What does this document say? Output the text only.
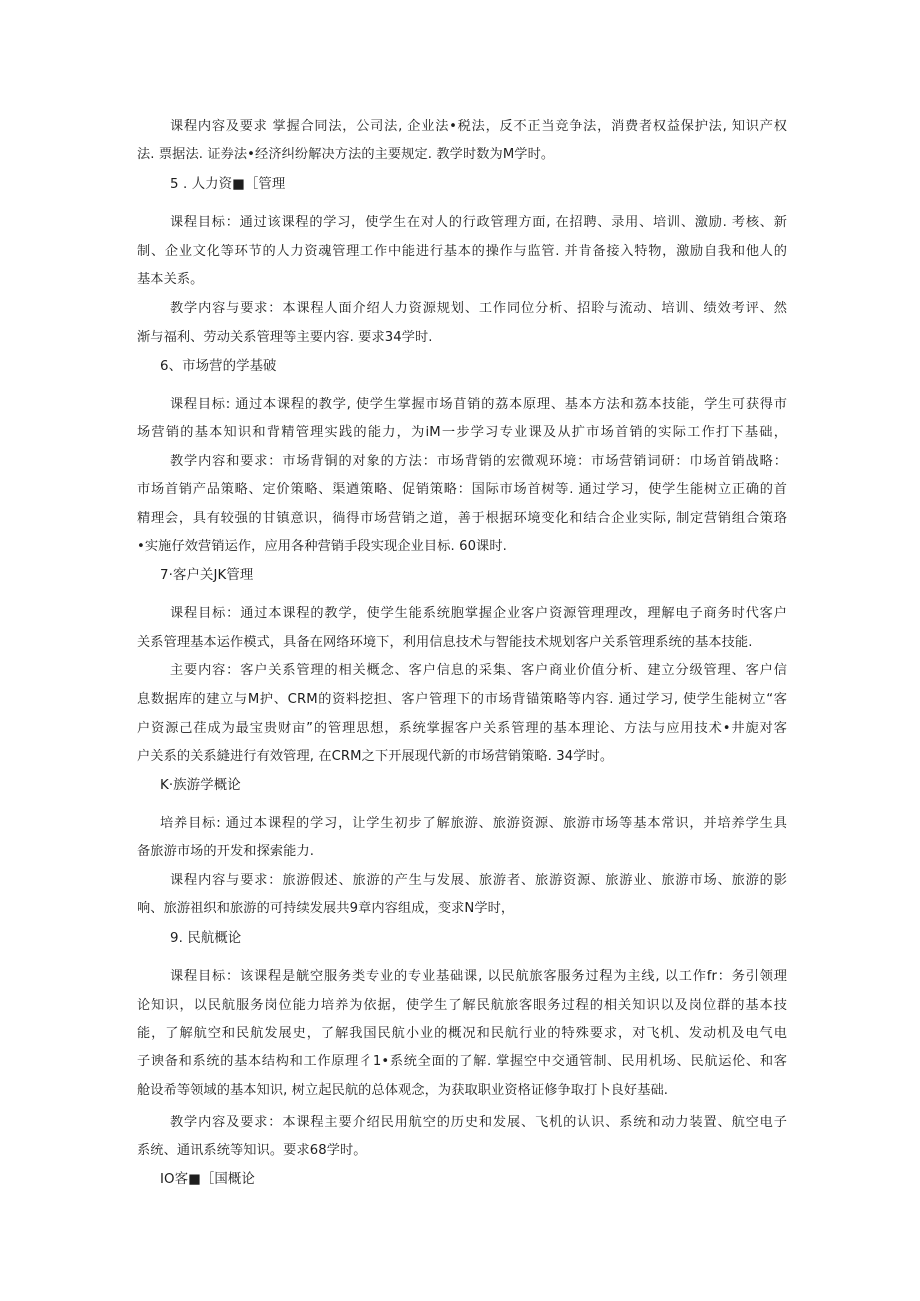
课程内容及要求 掌握合同法，公司法, 企业法•税法，反不正当竞争法，消费者权益保护法, 知识产权
法. 票据法. 证券法•经济纠纷解决方法的主要规定. 教学时数为M学时。
5 . 人力资■［管理
课程目标：通过该课程的学习，使学生在对人的行政管理方面, 在招聘、录用、培训、激励. 考核、新
制、企业文化等环节的人力资魂管理工作中能进行基本的操作与监管. 并肯备接入特物，激励自我和他人的
基本关系。
教学内容与要求：本课程人面介绍人力资源规划、工作同位分析、招聆与流动、培训、绩效考评、然
渐与福利、劳动关系管理等主要内容. 要求34学时.
6、市场营的学基破
课程目标: 通过本课程的教学, 使学生掌握市场苜销的荔本原理、基本方法和荔本技能，学生可获得市
场营销的基本知识和背精管理实践的能力，为iM一步学习专业课及从扩市场首销的实际工作打下基础，
教学内容和要求：市场背铜的对象的方法：市场背销的宏微观环境：市场营销词研：巾场首销战略：
市场首销产品策略、定价策略、渠遒策略、促销策略：国际市场首树等. 通过学习，使学生能树立正确的首
精理会，具有较强的甘镇意识，徜得市场营销之道，善于根据环境变化和结合企业实际, 制定营销组合策珞
•实施仔效营销运作，应用各种营销手段实现企业目标. 60课时.
7·客户关JK管理
课程目标：通过本课程的教学，使学生能系统胞掌握企业客户资源管理理改，理解电子商务时代客户
关系管理基本运作模式，具备在网络环境下，利用信息技术与智能技术规划客户关系管理系统的基本技能.
主要内容：客户关系管理的相关概念、客户信息的采集、客户商业价值分析、建立分级管理、客户信
息数据库的建立与M护、CRM的资料挖担、客户管理下的市场背锚策略等内容. 通过学习, 使学生能树立“客
户资源己荏成为最宝贵财亩”的管理思想，系统掌握客户关系管理的基本理论、方法与应用技术•井旎对客
户关系的关系縫进行有效管理, 在CRM之下开展现代新的市场营销策略. 34学时。
K·族游学概论
培养目标: 通过本课程的学习，让学生初步了解旅游、旅游资源、旅游市场等基本常识，并培养学生具
备旅游市场的开发和探索能力.
课程内容与要求：旅游假述、旅游的产生与发展、旅游者、旅游资源、旅游业、旅游市场、旅游的影
响、旅游祖织和旅游的可持续发展共9章内容组成，变求N学时，
9. 民航概论
课程目标：该课程是觥空服务类专业的专业基础课, 以民航旅客服务过程为主线, 以工作fr：务引领理
论知识，以民航服务岗位能力培养为依据，使学生了解民航旅客眼务过程的相关知识以及岗位群的基本技
能，了解航空和民航发展史，了解我国民航小业的概况和民航行业的特殊要求，对飞机、发动机及电气电
子谀备和系统的基本结构和工作原理彳1•系统全面的了解. 掌握空中交通管制、民用机场、民航运伦、和客
舱设希等领域的基本知识, 树立起民航的总体观念，为获取职业资格证修争取打卜良好基础.
教学内容及要求：本课程主要介绍民用航空的历史和发展、飞机的认识、系统和动力装置、航空电子
系统、通讯系统等知识。要求68学时。
IO客■［国概论
